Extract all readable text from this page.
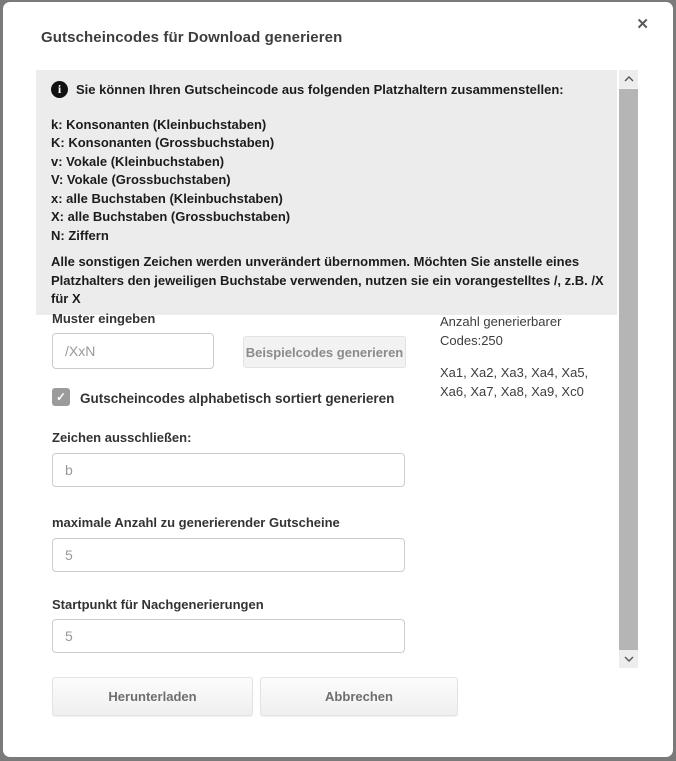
Gutscheincodes für Download generieren
✕
i	Sie können Ihren Gutscheincode aus folgenden Platzhaltern zusammenstellen:
k: Konsonanten (Kleinbuchstaben)
K: Konsonanten (Grossbuchstaben)
v: Vokale (Kleinbuchstaben)
V: Vokale (Grossbuchstaben)
x: alle Buchstaben (Kleinbuchstaben)
X: alle Buchstaben (Grossbuchstaben)
N: Ziffern
Alle sonstigen Zeichen werden unverändert übernommen. Möchten Sie anstelle eines Platzhalters den jeweiligen Buchstabe verwenden, nutzen sie ein vorangestelltes /, z.B. /X für X
Muster eingeben
/XxN
Beispielcodes generieren
Anzahl generierbarer Codes:250
Xa1, Xa2, Xa3, Xa4, Xa5, Xa6, Xa7, Xa8, Xa9, Xc0
✓ Gutscheincodes alphabetisch sortiert generieren
Zeichen ausschließen:
b
maximale Anzahl zu generierender Gutscheine
5
Startpunkt für Nachgenerierungen
5
Herunterladen	Abbrechen
